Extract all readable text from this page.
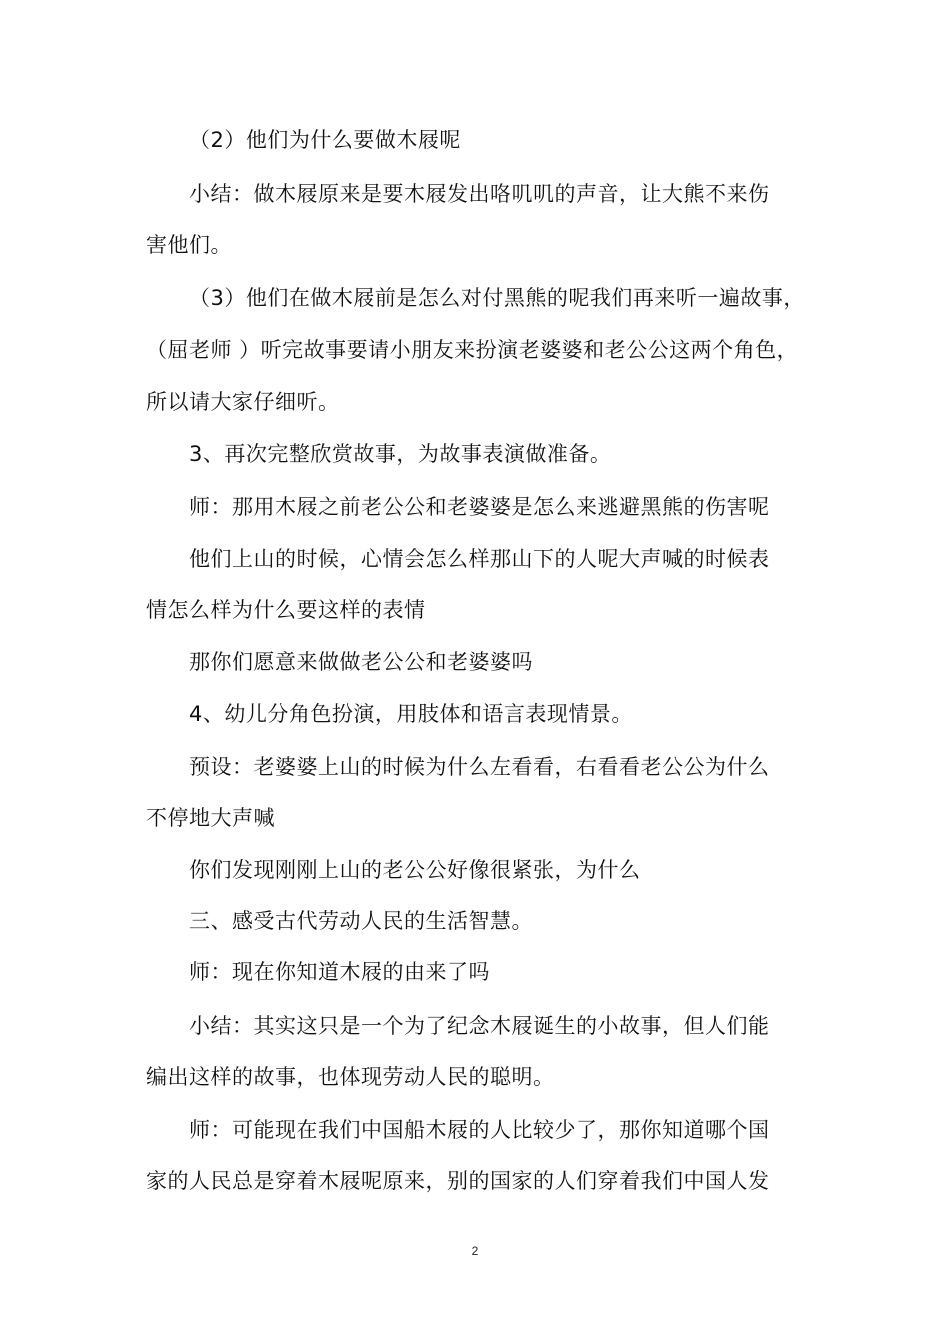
（2）他们为什么要做木屐呢
小结：做木屐原来是要木屐发出咯叽叽的声音，让大熊不来伤
害他们。
（3）他们在做木屐前是怎么对付黑熊的呢我们再来听一遍故事，
（屈老师 ）听完故事要请小朋友来扮演老婆婆和老公公这两个角色，
所以请大家仔细听。
3、再次完整欣赏故事，为故事表演做准备。
师：那用木屐之前老公公和老婆婆是怎么来逃避黑熊的伤害呢
他们上山的时候，心情会怎么样那山下的人呢大声喊的时候表
情怎么样为什么要这样的表情
那你们愿意来做做老公公和老婆婆吗
4、幼儿分角色扮演，用肢体和语言表现情景。
预设：老婆婆上山的时候为什么左看看，右看看老公公为什么
不停地大声喊
你们发现刚刚上山的老公公好像很紧张，为什么
三、感受古代劳动人民的生活智慧。
师：现在你知道木屐的由来了吗
小结：其实这只是一个为了纪念木屐诞生的小故事，但人们能
编出这样的故事，也体现劳动人民的聪明。
师：可能现在我们中国船木屐的人比较少了，那你知道哪个国
家的人民总是穿着木屐呢原来，别的国家的人们穿着我们中国人发
2
